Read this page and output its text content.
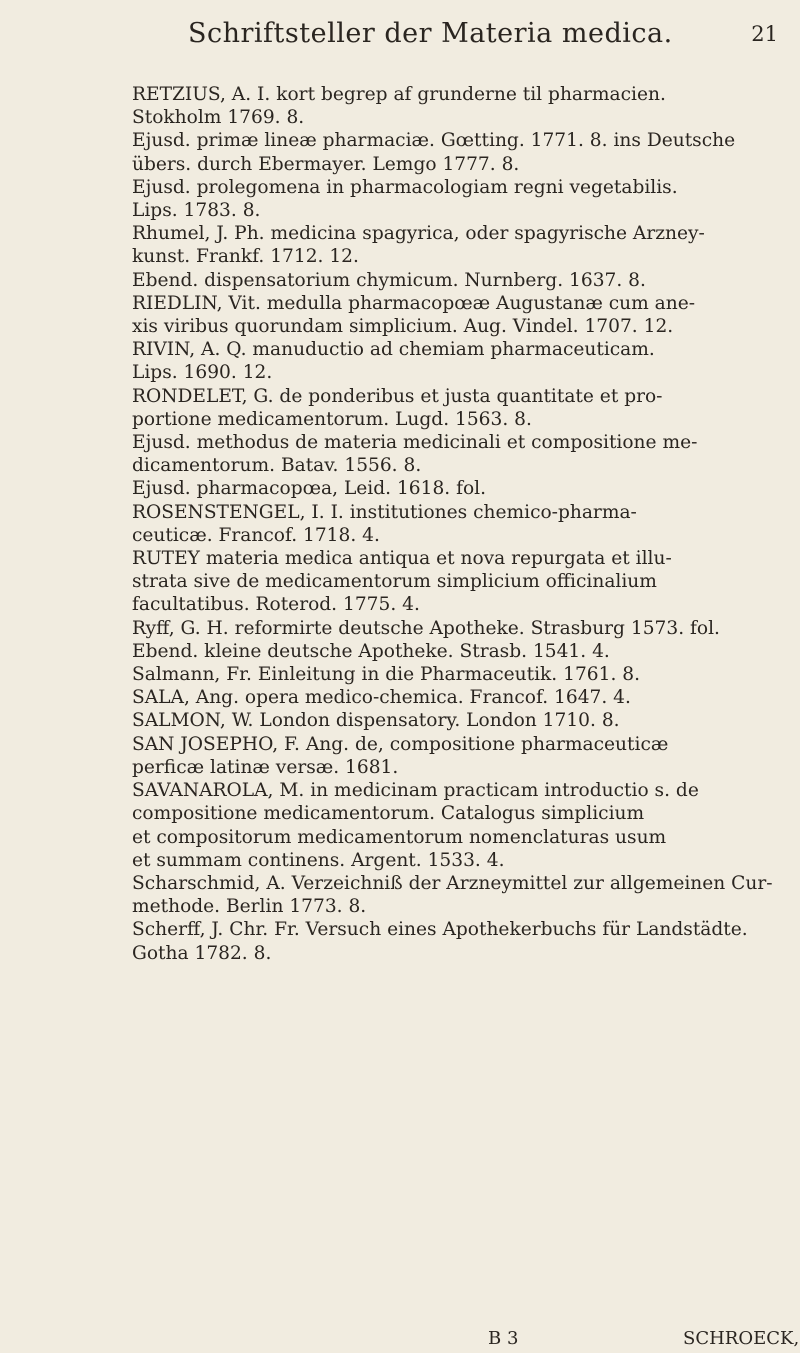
Schriftsteller der Materia medica.	21
RETZIUS, A. I. kort begrep af grunderne til pharmacien.
Stokholm 1769. 8.
Ejusd. primæ lineæ pharmaciæ. Gœtting. 1771. 8. ins Deutsche
übers. durch Ebermayer. Lemgo 1777. 8.
Ejusd. prolegomena in pharmacologiam regni vegetabilis.
Lips. 1783. 8.
Rhumel, J. Ph. medicina spagyrica, oder spagyrische Arzney-
kunst. Frankf. 1712. 12.
Ebend. dispensatorium chymicum. Nurnberg. 1637. 8.
RIEDLIN, Vit. medulla pharmacopœæ Augustanæ cum ane-
xis viribus quorundam simplicium. Aug. Vindel. 1707. 12.
RIVIN, A. Q. manuductio ad chemiam pharmaceuticam.
Lips. 1690. 12.
RONDELET, G. de ponderibus et justa quantitate et pro-
portione medicamentorum. Lugd. 1563. 8.
Ejusd. methodus de materia medicinali et compositione me-
dicamentorum. Batav. 1556. 8.
Ejusd. pharmacopœa, Leid. 1618. fol.
ROSENSTENGEL, I. I. institutiones chemico-pharma-
ceuticæ. Francof. 1718. 4.
RUTEY materia medica antiqua et nova repurgata et illu-
strata sive de medicamentorum simplicium officinalium
facultatibus. Roterod. 1775. 4.
Ryff, G. H. reformirte deutsche Apotheke. Strasburg 1573. fol.
Ebend. kleine deutsche Apotheke. Strasb. 1541. 4.
Salmann, Fr. Einleitung in die Pharmaceutik. 1761. 8.
SALA, Ang. opera medico-chemica. Francof. 1647. 4.
SALMON, W. London dispensatory. London 1710. 8.
SAN JOSEPHO, F. Ang. de, compositione pharmaceuticæ
perficæ latinæ versæ. 1681.
SAVANAROLA, M. in medicinam practicam introductio s. de
compositione medicamentorum. Catalogus simplicium
et compositorum medicamentorum nomenclaturas usum
et summam continens. Argent. 1533. 4.
Scharschmid, A. Verzeichniß der Arzneymittel zur allgemeinen Cur-
methode. Berlin 1773. 8.
Scherff, J. Chr. Fr. Versuch eines Apothekerbuchs für Landstädte.
Gotha 1782. 8.
B 3	SCHROECK,
